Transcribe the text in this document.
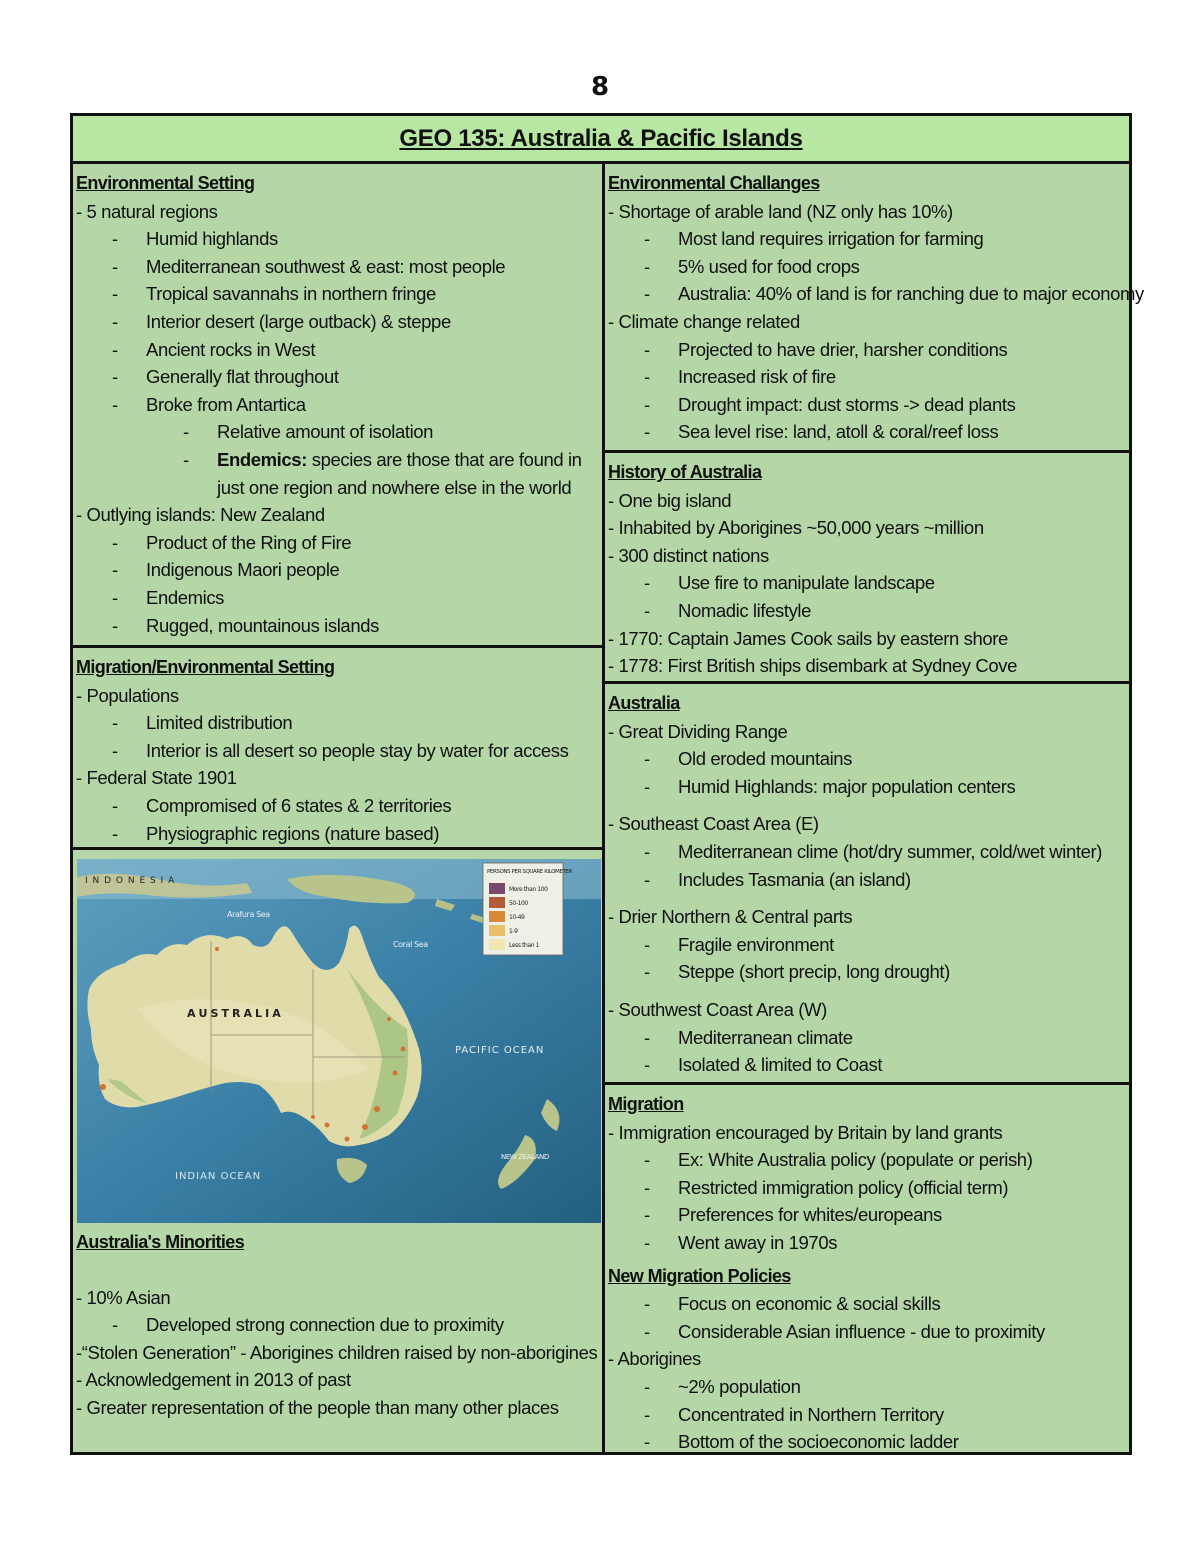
8
GEO 135: Australia & Pacific Islands
Environmental Setting
- 5 natural regions
- Humid highlands
- Mediterranean southwest & east: most people
- Tropical savannahs in northern fringe
- Interior desert (large outback) & steppe
- Ancient rocks in West
- Generally flat throughout
- Broke from Antartica
- Relative amount of isolation
- Endemics: species are those that are found in just one region and nowhere else in the world
- Outlying islands: New Zealand
- Product of the Ring of Fire
- Indigenous Maori people
- Endemics
- Rugged, mountainous islands
Migration/Environmental Setting
- Populations
- Limited distribution
- Interior is all desert so people stay by water for access
- Federal State 1901
- Compromised of 6 states & 2 territories
- Physiographic regions (nature based)
More than 100
50-100
10-49
1-9
Less than 1
I N D O N E S I A
A U S T R A L I A
PACIFIC OCEAN
INDIAN OCEAN
NEW ZEALAND
Coral Sea
Arafura Sea
PERSONS PER SQUARE KILOMETER
Australia's Minorities
- 10% Asian
- Developed strong connection due to proximity
-“Stolen Generation” - Aborigines children raised by non-aborigines
- Acknowledgement in 2013 of past
- Greater representation of the people than many other places
Environmental Challanges
- Shortage of arable land (NZ only has 10%)
- Most land requires irrigation for farming
- 5% used for food crops
- Australia: 40% of land is for ranching due to major economy
- Climate change related
- Projected to have drier, harsher conditions
- Increased risk of fire
- Drought impact: dust storms -> dead plants
- Sea level rise: land, atoll & coral/reef loss
History of Australia
- One big island
- Inhabited by Aborigines ~50,000 years ~million
- 300 distinct nations
- Use fire to manipulate landscape
- Nomadic lifestyle
- 1770: Captain James Cook sails by eastern shore
- 1778: First British ships disembark at Sydney Cove
Australia
- Great Dividing Range
- Old eroded mountains
- Humid Highlands: major population centers
- Southeast Coast Area (E)
- Mediterranean clime (hot/dry summer, cold/wet winter)
- Includes Tasmania (an island)
- Drier Northern & Central parts
- Fragile environment
- Steppe (short precip, long drought)
- Southwest Coast Area (W)
- Mediterranean climate
- Isolated & limited to Coast
Migration
- Immigration encouraged by Britain by land grants
- Ex: White Australia policy (populate or perish)
- Restricted immigration policy (official term)
- Preferences for whites/europeans
- Went away in 1970s
New Migration Policies
- Focus on economic & social skills
- Considerable Asian influence - due to proximity
- Aborigines
- ~2% population
- Concentrated in Northern Territory
- Bottom of the socioeconomic ladder
